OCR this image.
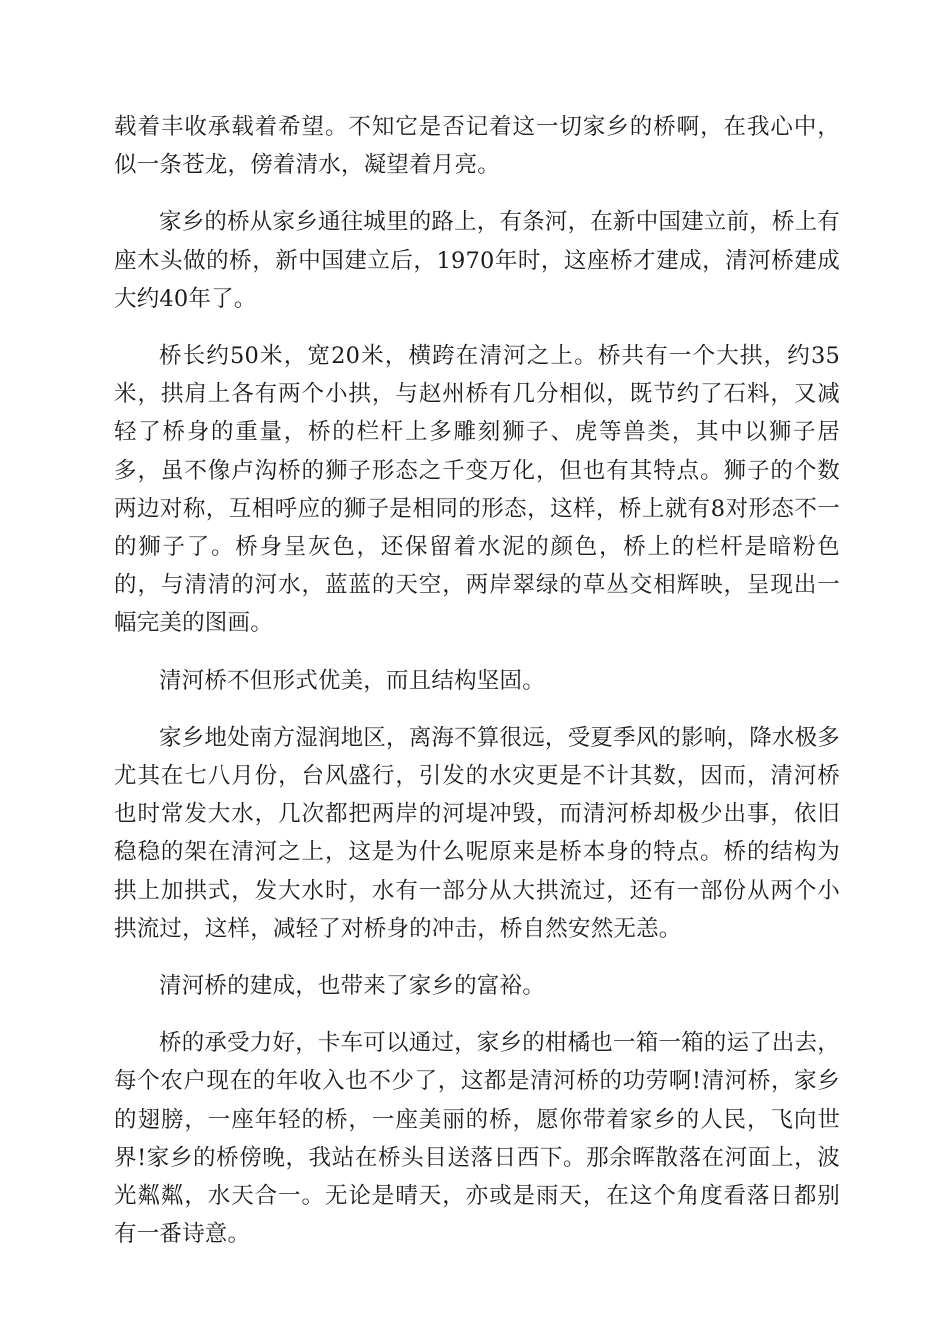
载着丰收承载着希望。不知它是否记着这一切家乡的桥啊，在我心中，似一条苍龙，傍着清水，凝望着月亮。

家乡的桥从家乡通往城里的路上，有条河，在新中国建立前，桥上有座木头做的桥，新中国建立后，1970年时，这座桥才建成，清河桥建成大约40年了。

桥长约50米，宽20米，横跨在清河之上。桥共有一个大拱，约35米，拱肩上各有两个小拱，与赵州桥有几分相似，既节约了石料，又减轻了桥身的重量，桥的栏杆上多雕刻狮子、虎等兽类，其中以狮子居多，虽不像卢沟桥的狮子形态之千变万化，但也有其特点。狮子的个数两边对称，互相呼应的狮子是相同的形态，这样，桥上就有8对形态不一的狮子了。桥身呈灰色，还保留着水泥的颜色，桥上的栏杆是暗粉色的，与清清的河水，蓝蓝的天空，两岸翠绿的草丛交相辉映，呈现出一幅完美的图画。

清河桥不但形式优美，而且结构坚固。

家乡地处南方湿润地区，离海不算很远，受夏季风的影响，降水极多尤其在七八月份，台风盛行，引发的水灾更是不计其数，因而，清河桥也时常发大水，几次都把两岸的河堤冲毁，而清河桥却极少出事，依旧稳稳的架在清河之上，这是为什么呢原来是桥本身的特点。桥的结构为拱上加拱式，发大水时，水有一部分从大拱流过，还有一部份从两个小拱流过，这样，减轻了对桥身的冲击，桥自然安然无恙。

清河桥的建成，也带来了家乡的富裕。

桥的承受力好，卡车可以通过，家乡的柑橘也一箱一箱的运了出去，每个农户现在的年收入也不少了，这都是清河桥的功劳啊!清河桥，家乡的翅膀，一座年轻的桥，一座美丽的桥，愿你带着家乡的人民，飞向世界!家乡的桥傍晚，我站在桥头目送落日西下。那余晖散落在河面上，波光粼粼，水天合一。无论是晴天，亦或是雨天，在这个角度看落日都别有一番诗意。
